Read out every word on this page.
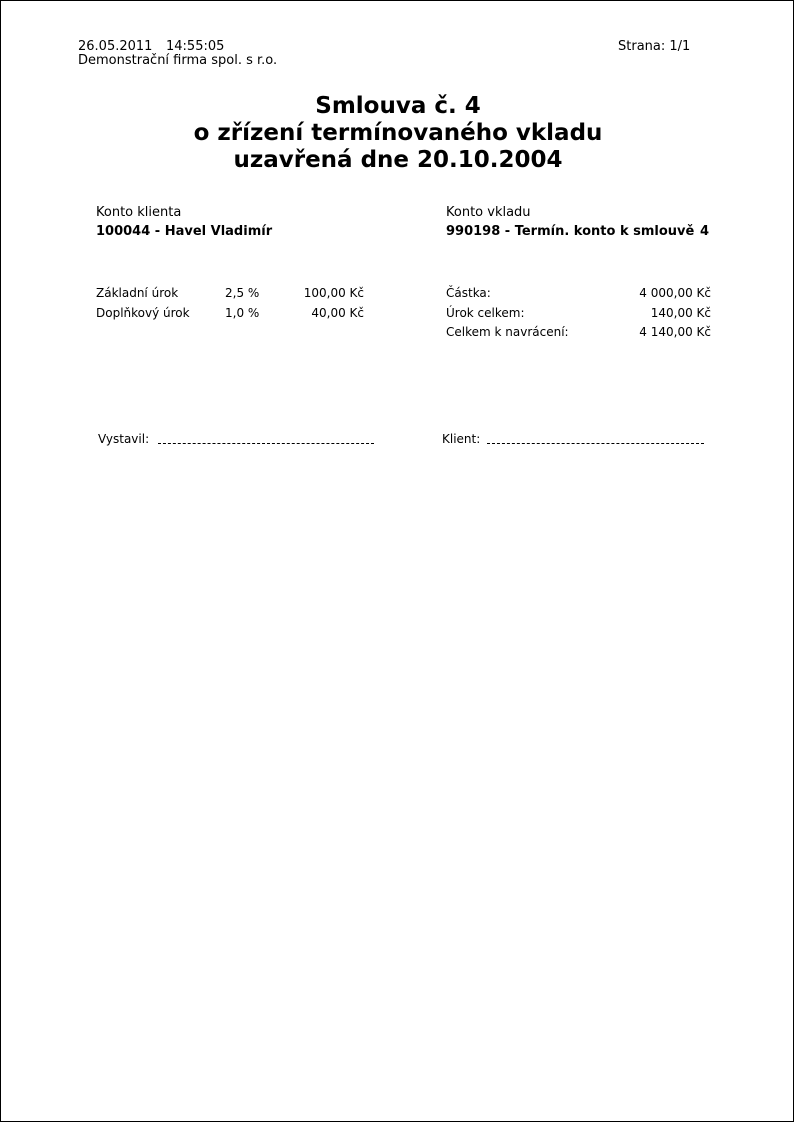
26.05.2011 14:55:05
Demonstrační firma spol. s r.o.
Strana: 1/1
Smlouva č. 4
o zřízení termínovaného vkladu
uzavřená dne 20.10.2004
Konto klienta
100044 - Havel Vladimír
Konto vkladu
990198 - Termín. konto k smlouvě 4
Základní úrok	2,5 %	100,00 Kč
Doplňkový úrok	1,0 %	40,00 Kč
Částka:	4 000,00 Kč
Úrok celkem:	140,00 Kč
Celkem k navrácení:	4 140,00 Kč
Vystavil:	Klient:
